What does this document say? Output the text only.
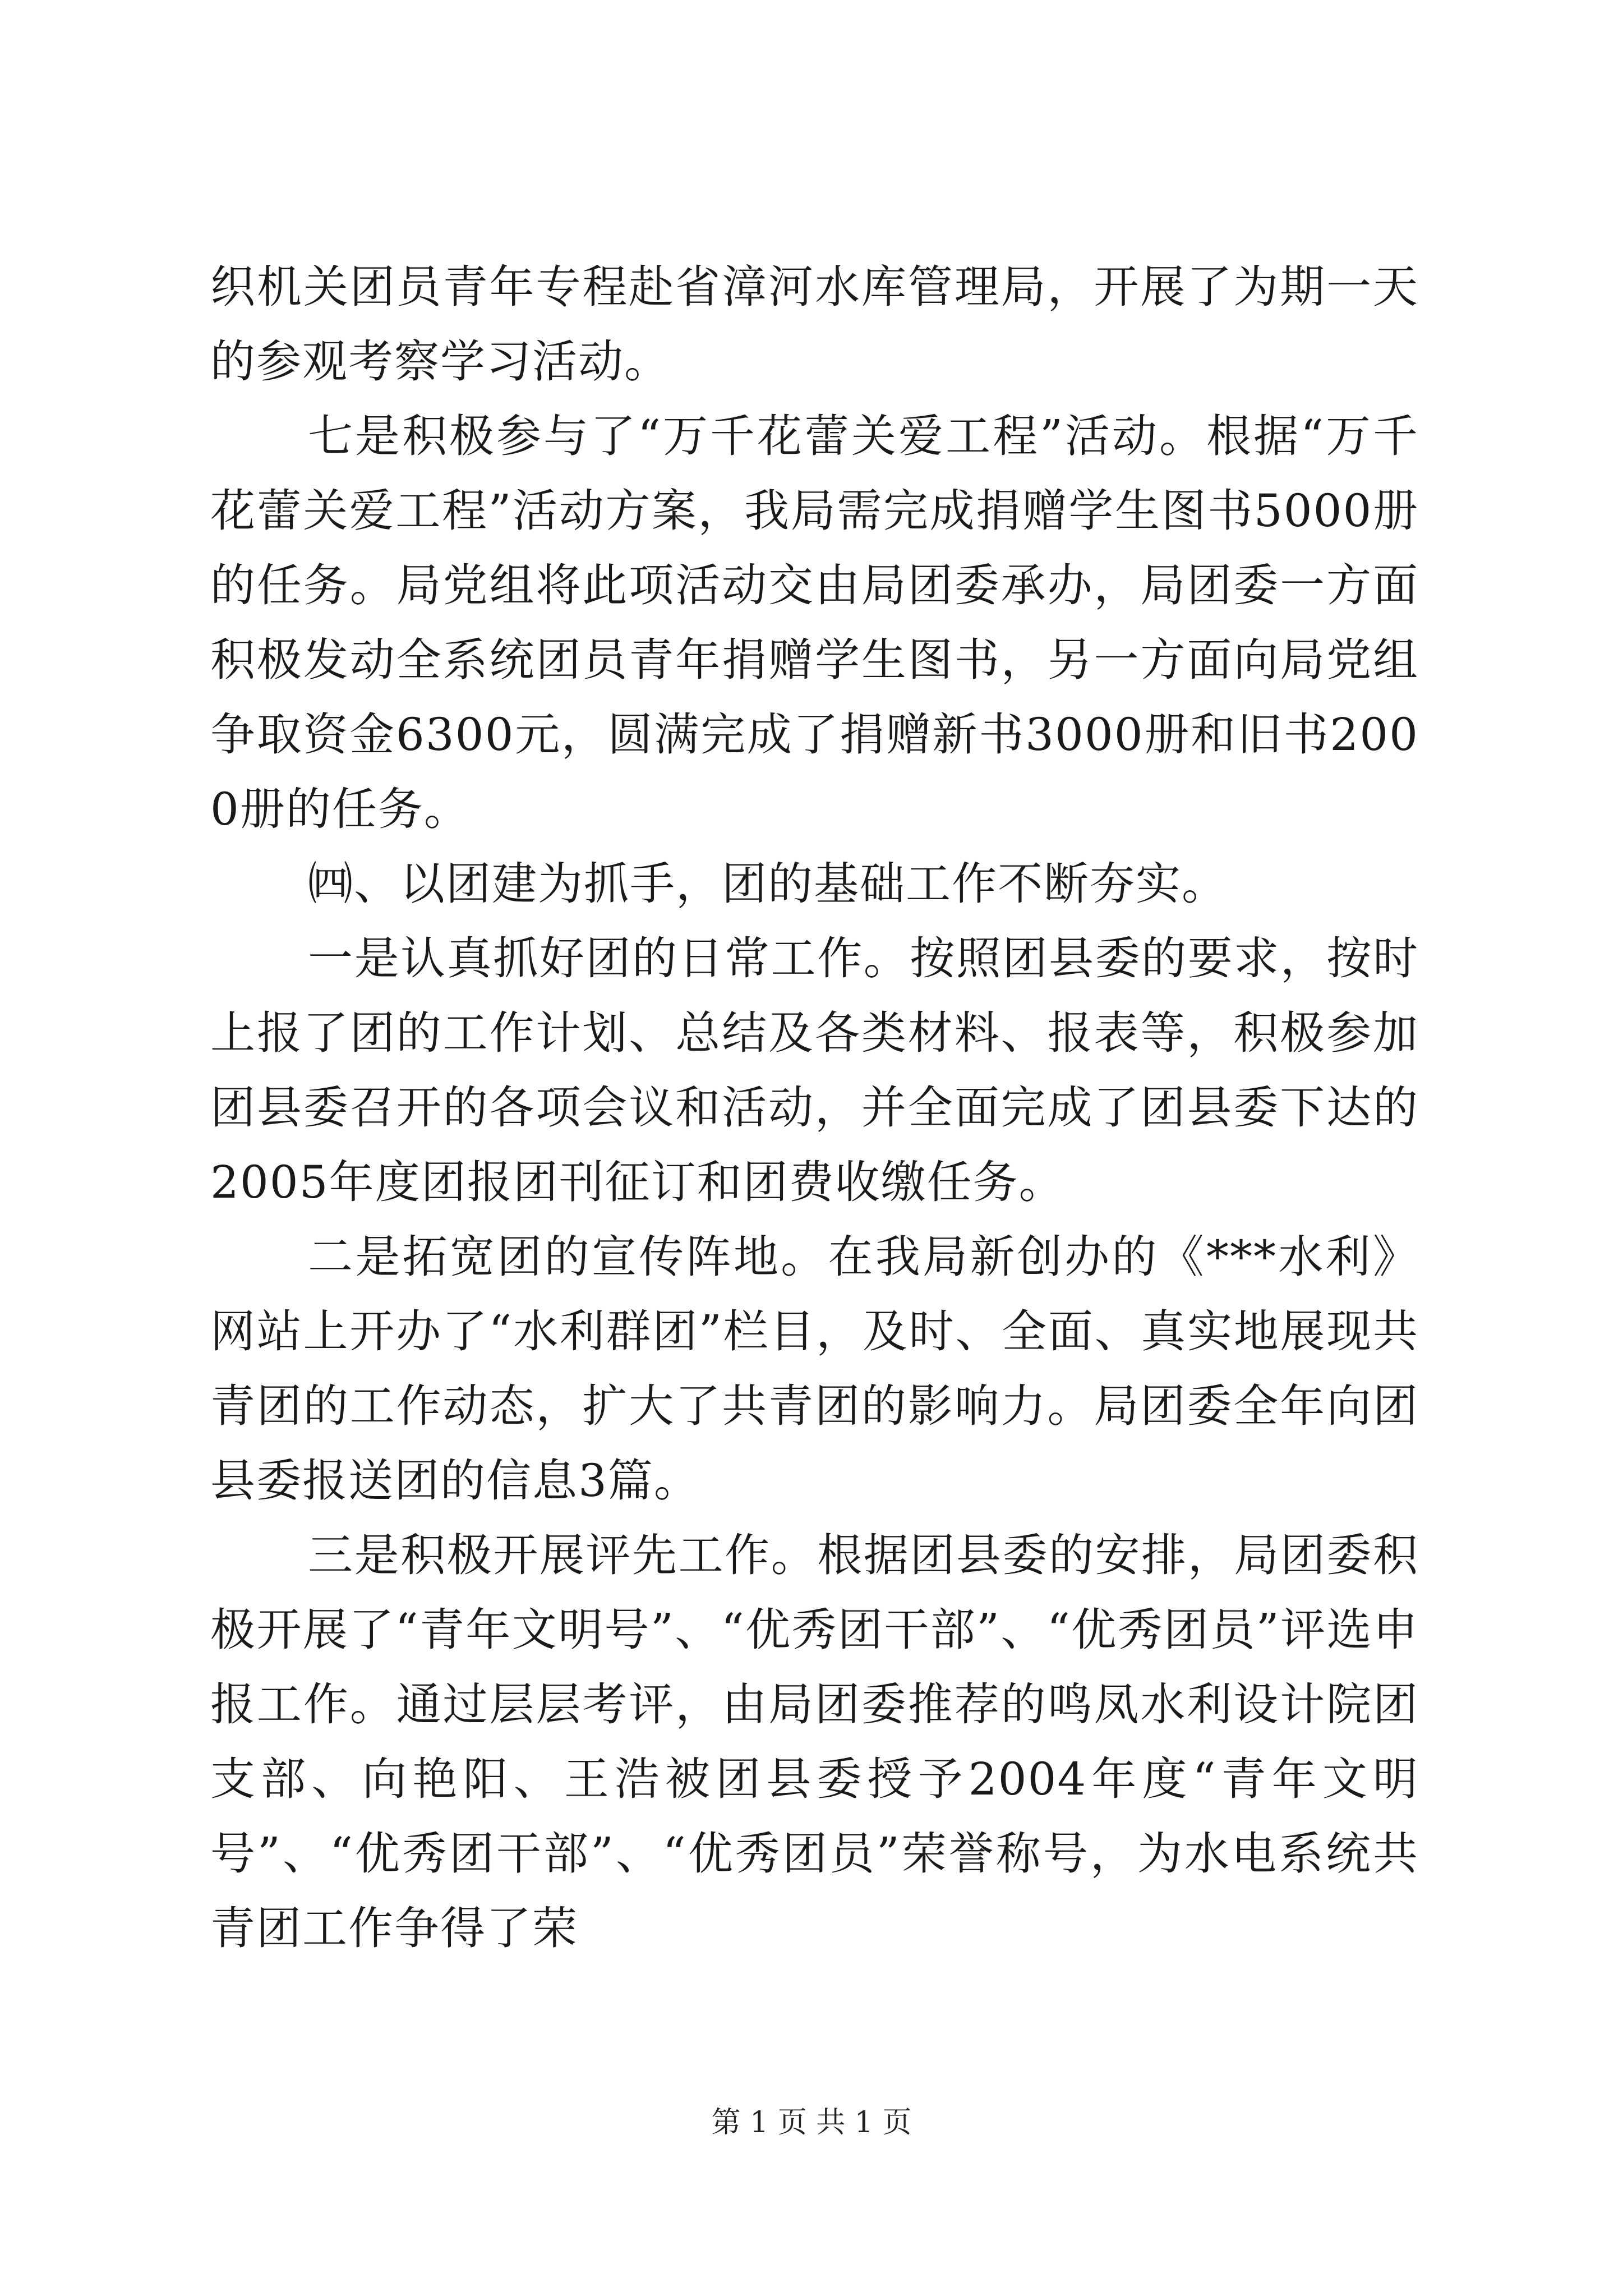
织机关团员青年专程赴省漳河水库管理局，开展了为期一天的参观考察学习活动。

七是积极参与了“万千花蕾关爱工程”活动。根据“万千花蕾关爱工程”活动方案，我局需完成捐赠学生图书5000册的任务。局党组将此项活动交由局团委承办，局团委一方面积极发动全系统团员青年捐赠学生图书，另一方面向局党组争取资金6300元，圆满完成了捐赠新书3000册和旧书2000册的任务。

㈣、以团建为抓手，团的基础工作不断夯实。

一是认真抓好团的日常工作。按照团县委的要求，按时上报了团的工作计划、总结及各类材料、报表等，积极参加团县委召开的各项会议和活动，并全面完成了团县委下达的2005年度团报团刊征订和团费收缴任务。

二是拓宽团的宣传阵地。在我局新创办的《***水利》网站上开办了“水利群团”栏目，及时、全面、真实地展现共青团的工作动态，扩大了共青团的影响力。局团委全年向团县委报送团的信息3篇。

三是积极开展评先工作。根据团县委的安排，局团委积极开展了“青年文明号”、“优秀团干部”、“优秀团员”评选申报工作。通过层层考评，由局团委推荐的鸣凤水利设计院团支部、向艳阳、王浩被团县委授予2004年度“青年文明号”、“优秀团干部”、“优秀团员”荣誉称号，为水电系统共青团工作争得了荣

第 1 页 共 1 页
